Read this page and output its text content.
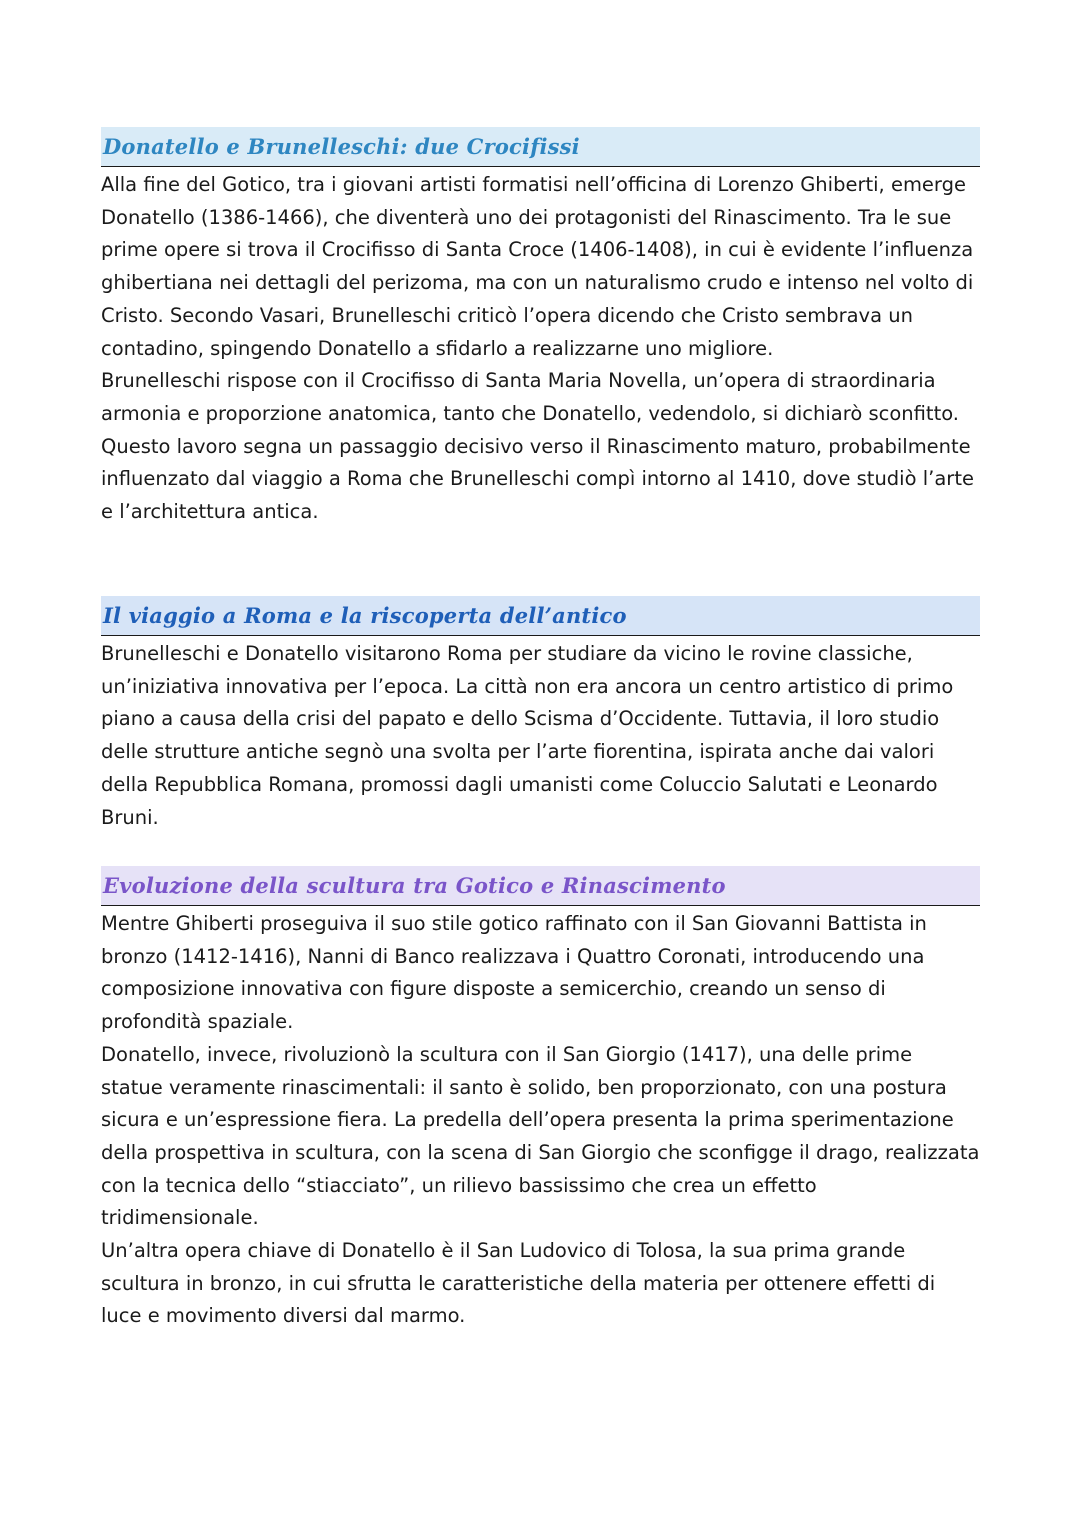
Donatello e Brunelleschi: due Crocifissi

Alla fine del Gotico, tra i giovani artisti formatisi nell’officina di Lorenzo Ghiberti, emerge Donatello (1386-1466), che diventerà uno dei protagonisti del Rinascimento. Tra le sue prime opere si trova il Crocifisso di Santa Croce (1406-1408), in cui è evidente l’influenza ghibertiana nei dettagli del perizoma, ma con un naturalismo crudo e intenso nel volto di Cristo. Secondo Vasari, Brunelleschi criticò l’opera dicendo che Cristo sembrava un contadino, spingendo Donatello a sfidarlo a realizzarne uno migliore.

Brunelleschi rispose con il Crocifisso di Santa Maria Novella, un’opera di straordinaria armonia e proporzione anatomica, tanto che Donatello, vedendolo, si dichiarò sconfitto. Questo lavoro segna un passaggio decisivo verso il Rinascimento maturo, probabilmente influenzato dal viaggio a Roma che Brunelleschi compì intorno al 1410, dove studiò l’arte e l’architettura antica.

Il viaggio a Roma e la riscoperta dell’antico

Brunelleschi e Donatello visitarono Roma per studiare da vicino le rovine classiche, un’iniziativa innovativa per l’epoca. La città non era ancora un centro artistico di primo piano a causa della crisi del papato e dello Scisma d’Occidente. Tuttavia, il loro studio delle strutture antiche segnò una svolta per l’arte fiorentina, ispirata anche dai valori della Repubblica Romana, promossi dagli umanisti come Coluccio Salutati e Leonardo Bruni.

Evoluzione della scultura tra Gotico e Rinascimento

Mentre Ghiberti proseguiva il suo stile gotico raffinato con il San Giovanni Battista in bronzo (1412-1416), Nanni di Banco realizzava i Quattro Coronati, introducendo una composizione innovativa con figure disposte a semicerchio, creando un senso di profondità spaziale.

Donatello, invece, rivoluzionò la scultura con il San Giorgio (1417), una delle prime statue veramente rinascimentali: il santo è solido, ben proporzionato, con una postura sicura e un’espressione fiera. La predella dell’opera presenta la prima sperimentazione della prospettiva in scultura, con la scena di San Giorgio che sconfigge il drago, realizzata con la tecnica dello “stiacciato”, un rilievo bassissimo che crea un effetto tridimensionale.

Un’altra opera chiave di Donatello è il San Ludovico di Tolosa, la sua prima grande scultura in bronzo, in cui sfrutta le caratteristiche della materia per ottenere effetti di luce e movimento diversi dal marmo.
